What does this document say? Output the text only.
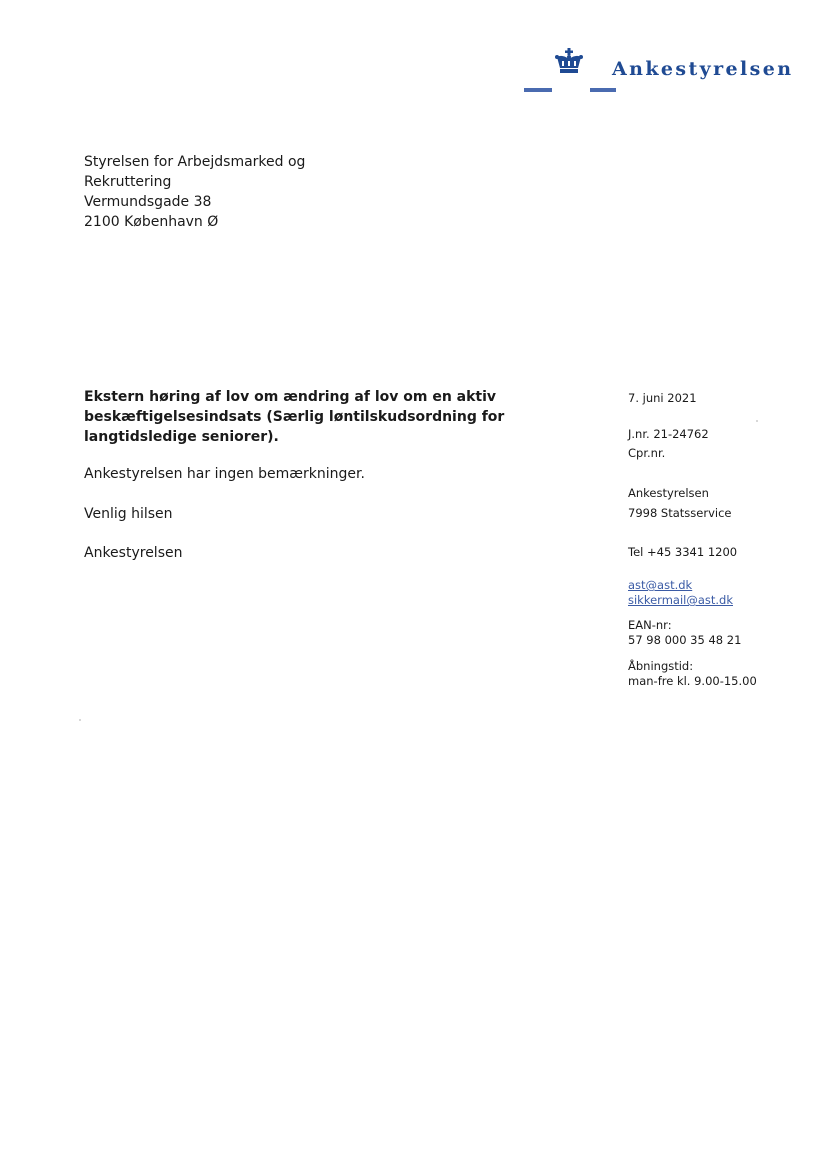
Ankestyrelsen
Styrelsen for Arbejdsmarked og
Rekruttering
Vermundsgade 38
2100 København Ø
Ekstern høring af lov om ændring af lov om en aktiv
beskæftigelsesindsats (Særlig løntilskudsordning for
langtidsledige seniorer).
Ankestyrelsen har ingen bemærkninger.
Venlig hilsen
Ankestyrelsen
7. juni 2021
J.nr. 21-24762
Cpr.nr.
Ankestyrelsen
7998 Statsservice
Tel +45 3341 1200
ast@ast.dk
sikkermail@ast.dk
EAN-nr:
57 98 000 35 48 21
Åbningstid:
man-fre kl. 9.00-15.00
